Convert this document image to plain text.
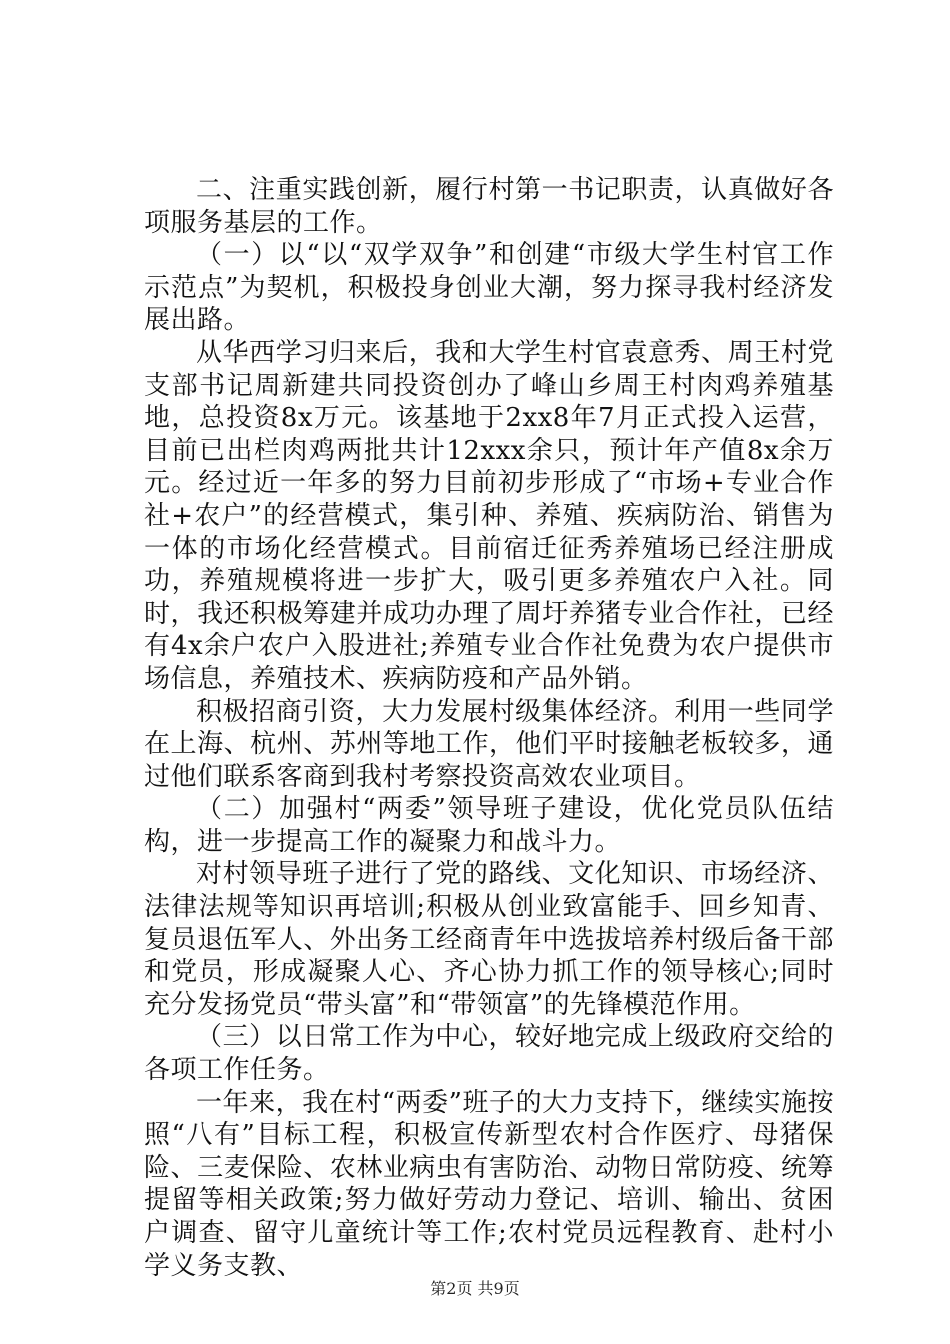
二、注重实践创新，履行村第一书记职责，认真做好各项服务基层的工作。

（一）以“以“双学双争”和创建“市级大学生村官工作示范点”为契机，积极投身创业大潮，努力探寻我村经济发展出路。

从华西学习归来后，我和大学生村官袁意秀、周王村党支部书记周新建共同投资创办了峰山乡周王村肉鸡养殖基地，总投资8x万元。该基地于2xx8年7月正式投入运营，目前已出栏肉鸡两批共计12xxx余只，预计年产值8x余万元。经过近一年多的努力目前初步形成了“市场+专业合作社+农户”的经营模式，集引种、养殖、疾病防治、销售为一体的市场化经营模式。目前宿迁征秀养殖场已经注册成功，养殖规模将进一步扩大，吸引更多养殖农户入社。同时，我还积极筹建并成功办理了周圩养猪专业合作社，已经有4x余户农户入股进社;养殖专业合作社免费为农户提供市场信息，养殖技术、疾病防疫和产品外销。

积极招商引资，大力发展村级集体经济。利用一些同学在上海、杭州、苏州等地工作，他们平时接触老板较多，通过他们联系客商到我村考察投资高效农业项目。

（二）加强村“两委”领导班子建设，优化党员队伍结构，进一步提高工作的凝聚力和战斗力。

对村领导班子进行了党的路线、文化知识、市场经济、法律法规等知识再培训;积极从创业致富能手、回乡知青、复员退伍军人、外出务工经商青年中选拔培养村级后备干部和党员，形成凝聚人心、齐心协力抓工作的领导核心;同时充分发扬党员“带头富”和“带领富”的先锋模范作用。

（三）以日常工作为中心，较好地完成上级政府交给的各项工作任务。

一年来，我在村“两委”班子的大力支持下，继续实施按照“八有”目标工程，积极宣传新型农村合作医疗、母猪保险、三麦保险、农林业病虫有害防治、动物日常防疫、统筹提留等相关政策;努力做好劳动力登记、培训、输出、贫困户调查、留守儿童统计等工作;农村党员远程教育、赴村小学义务支教、

第2页 共9页
